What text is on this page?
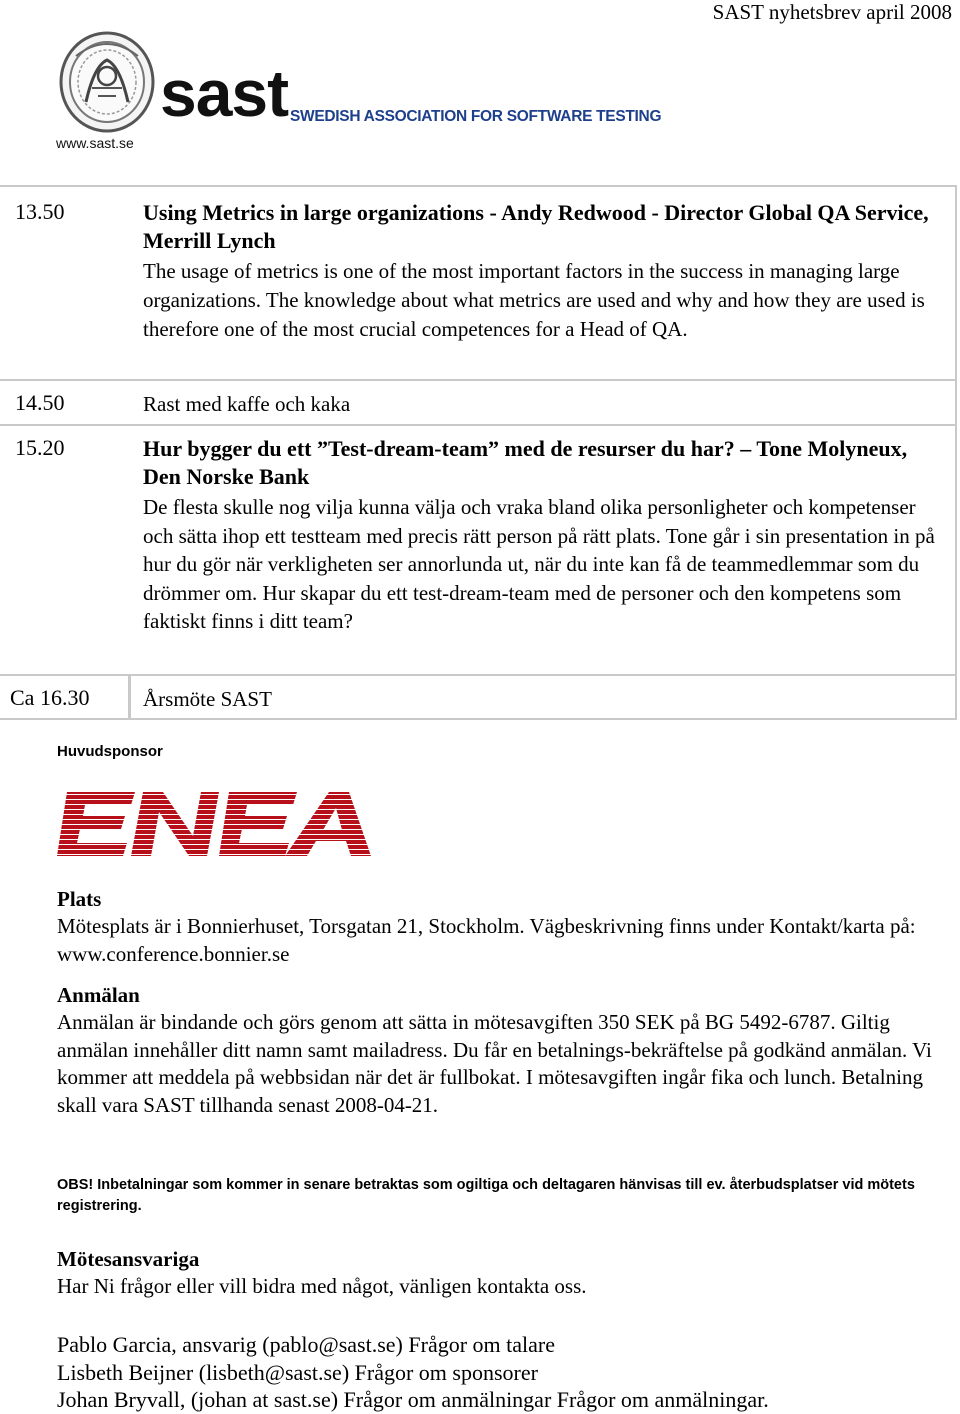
SAST nyhetsbrev april 2008
sast SWEDISH ASSOCIATION FOR SOFTWARE TESTING
www.sast.se
13.50	Using Metrics in large organizations - Andy Redwood - Director Global QA Service, Merrill Lynch
The usage of metrics is one of the most important factors in the success in managing large organizations. The knowledge about what metrics are used and why and how they are used is therefore one of the most crucial competences for a Head of QA.
14.50	Rast med kaffe och kaka
15.20	Hur bygger du ett ”Test-dream-team” med de resurser du har? – Tone Molyneux, Den Norske Bank
De flesta skulle nog vilja kunna välja och vraka bland olika personligheter och kompetenser och sätta ihop ett testteam med precis rätt person på rätt plats. Tone går i sin presentation in på hur du gör när verkligheten ser annorlunda ut, när du inte kan få de teammedlemmar som du drömmer om. Hur skapar du ett test-dream-team med de personer och den kompetens som faktiskt finns i ditt team?
Ca 16.30	Årsmöte SAST
Huvudsponsor
Plats

Mötesplats är i Bonnierhuset, Torsgatan 21, Stockholm. Vägbeskrivning finns under Kontakt/karta på: www.conference.bonnier.se

Anmälan

Anmälan är bindande och görs genom att sätta in mötesavgiften 350 SEK på BG 5492-6787. Giltig anmälan innehåller ditt namn samt mailadress. Du får en betalnings-bekräftelse på godkänd anmälan. Vi kommer att meddela på webbsidan när det är fullbokat. I mötesavgiften ingår fika och lunch. Betalning skall vara SAST tillhanda senast 2008-04-21.

OBS! Inbetalningar som kommer in senare betraktas som ogiltiga och deltagaren hänvisas till ev. återbudsplatser vid mötets registrering.
Mötesansvariga

Har Ni frågor eller vill bidra med något, vänligen kontakta oss.

Pablo Garcia, ansvarig (pablo@sast.se) Frågor om talare
Lisbeth Beijner (lisbeth@sast.se) Frågor om sponsorer
Johan Bryvall, (johan at sast.se) Frågor om anmälningar Frågor om anmälningar.
